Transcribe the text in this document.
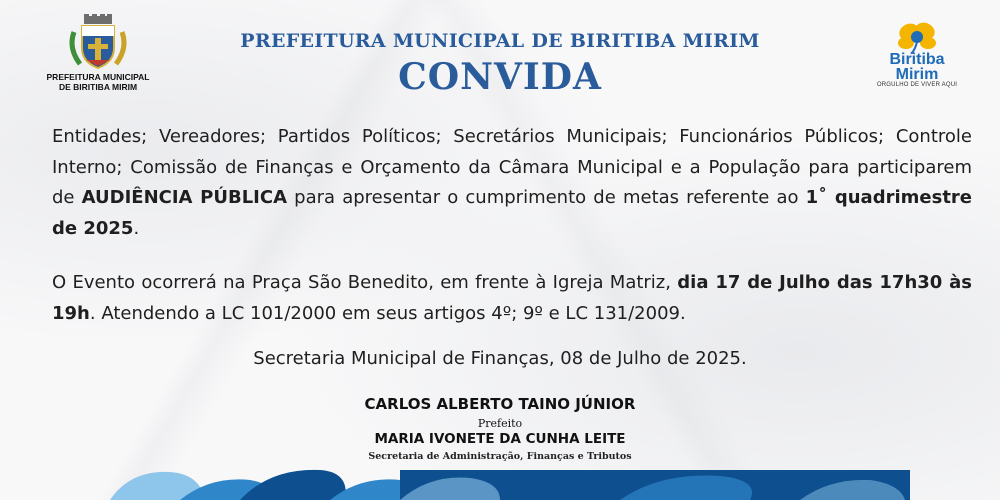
PREFEITURA MUNICIPAL
DE BIRITIBA MIRIM
Biritiba
Mirim
ORGULHO DE VIVER AQUI
PREFEITURA MUNICIPAL DE BIRITIBA MIRIM
CONVIDA
Entidades; Vereadores; Partidos Políticos; Secretários Municipais; Funcionários Públicos; Controle Interno; Comissão de Finanças e Orçamento da Câmara Municipal e a População para participarem de AUDIÊNCIA PÚBLICA para apresentar o cumprimento de metas referente ao 1˚ quadrimestre de 2025.
O Evento ocorrerá na Praça São Benedito, em frente à Igreja Matriz, dia 17 de Julho das 17h30 às 19h. Atendendo a LC 101/2000 em seus artigos 4º; 9º e LC 131/2009.
Secretaria Municipal de Finanças, 08 de Julho de 2025.
CARLOS ALBERTO TAINO JÚNIOR
Prefeito
MARIA IVONETE DA CUNHA LEITE
Secretaria de Administração, Finanças e Tributos
